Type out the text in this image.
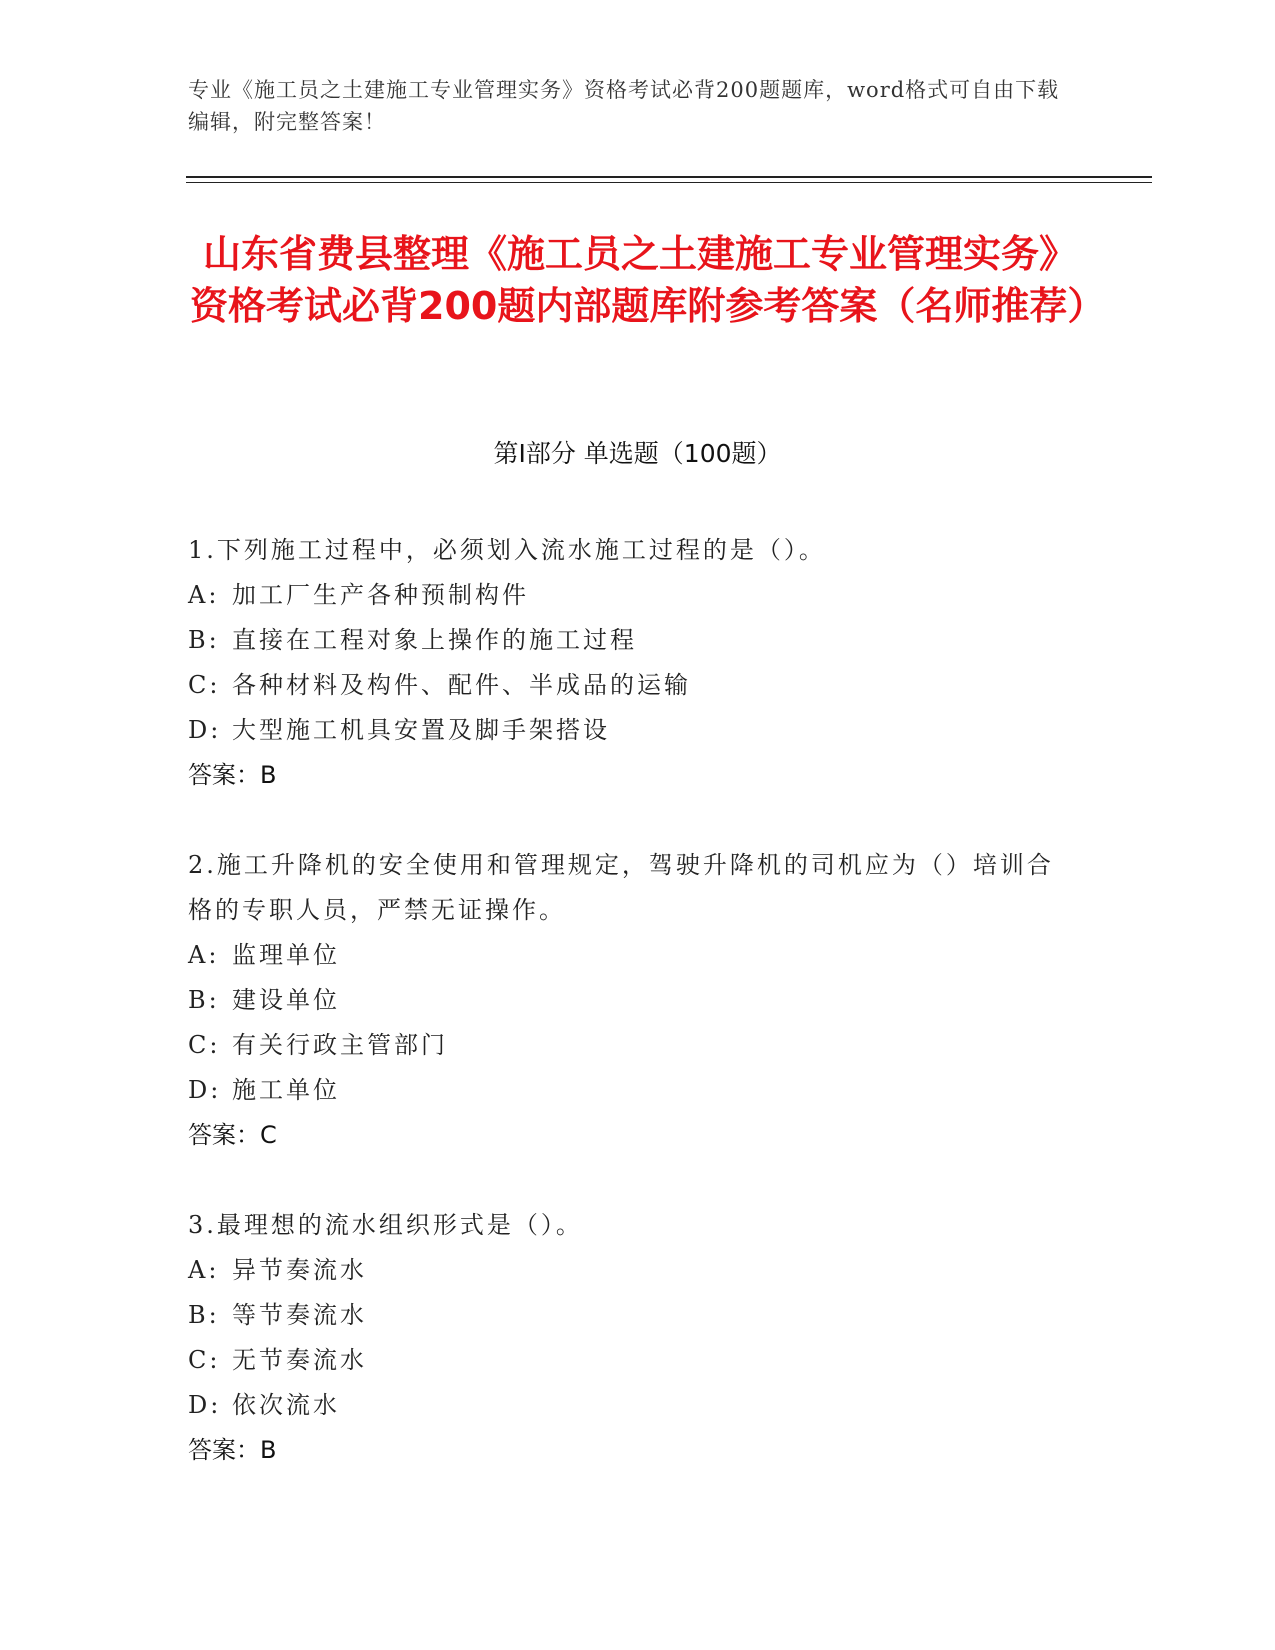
专业《施工员之土建施工专业管理实务》资格考试必背200题题库，word格式可自由下载编辑，附完整答案！
山东省费县整理《施工员之土建施工专业管理实务》资格考试必背200题内部题库附参考答案（名师推荐）
第Ⅰ部分 单选题（100题）
1.下列施工过程中，必须划入流水施工过程的是（）。
A: 加工厂生产各种预制构件
B: 直接在工程对象上操作的施工过程
C: 各种材料及构件、配件、半成品的运输
D: 大型施工机具安置及脚手架搭设
答案：B
2.施工升降机的安全使用和管理规定，驾驶升降机的司机应为（）培训合格的专职人员，严禁无证操作。
A: 监理单位
B: 建设单位
C: 有关行政主管部门
D: 施工单位
答案：C
3.最理想的流水组织形式是（）。
A: 异节奏流水
B: 等节奏流水
C: 无节奏流水
D: 依次流水
答案：B
